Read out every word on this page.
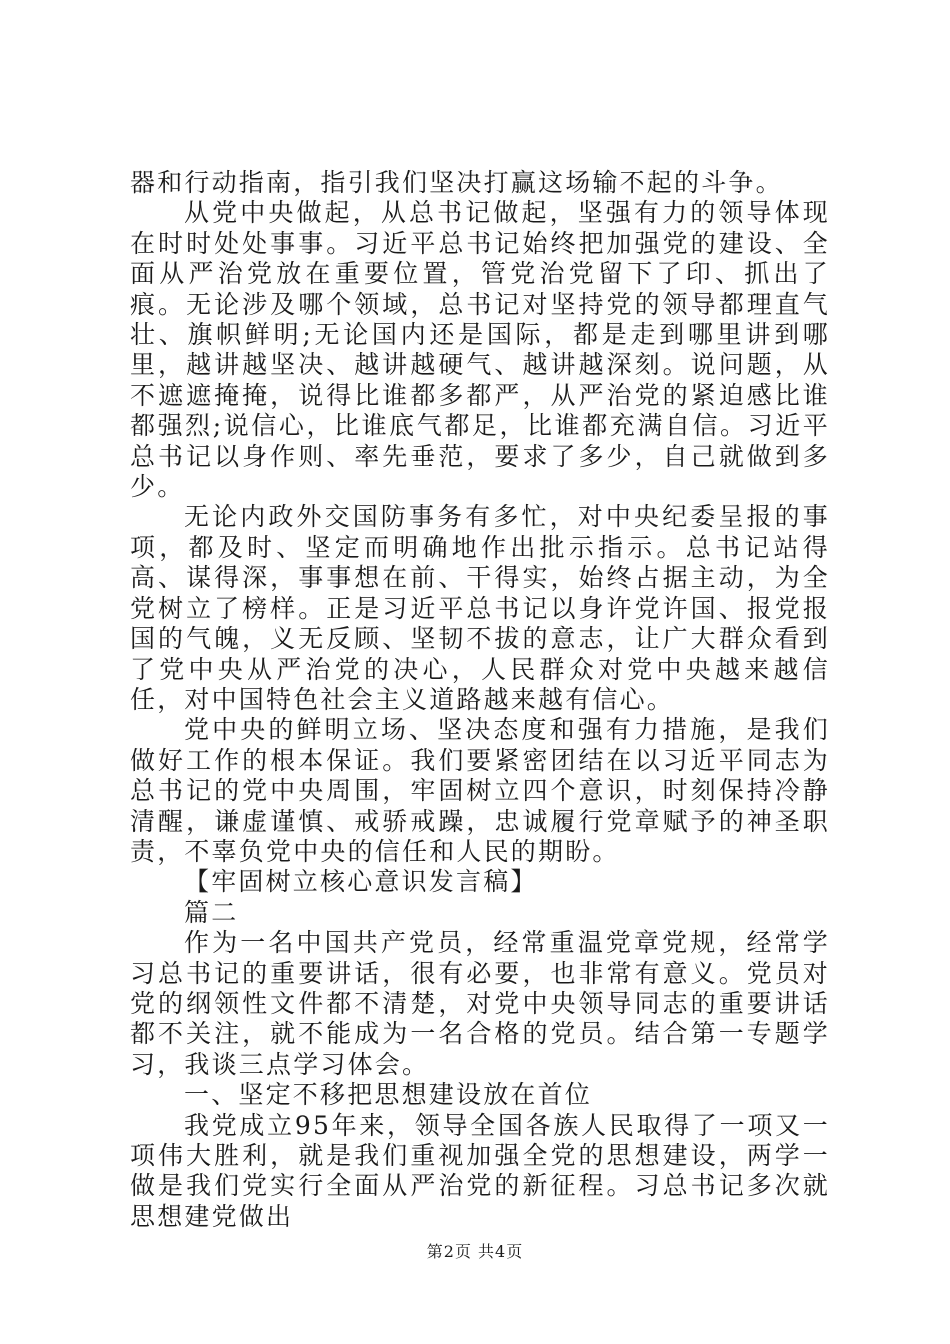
器和行动指南，指引我们坚决打赢这场输不起的斗争。

从党中央做起，从总书记做起，坚强有力的领导体现在时时处处事事。习近平总书记始终把加强党的建设、全面从严治党放在重要位置，管党治党留下了印、抓出了痕。无论涉及哪个领域，总书记对坚持党的领导都理直气壮、旗帜鲜明;无论国内还是国际，都是走到哪里讲到哪里，越讲越坚决、越讲越硬气、越讲越深刻。说问题，从不遮遮掩掩，说得比谁都多都严，从严治党的紧迫感比谁都强烈;说信心，比谁底气都足，比谁都充满自信。习近平总书记以身作则、率先垂范，要求了多少，自己就做到多少。

无论内政外交国防事务有多忙，对中央纪委呈报的事项，都及时、坚定而明确地作出批示指示。总书记站得高、谋得深，事事想在前、干得实，始终占据主动，为全党树立了榜样。正是习近平总书记以身许党许国、报党报国的气魄，义无反顾、坚韧不拔的意志，让广大群众看到了党中央从严治党的决心，人民群众对党中央越来越信任，对中国特色社会主义道路越来越有信心。

党中央的鲜明立场、坚决态度和强有力措施，是我们做好工作的根本保证。我们要紧密团结在以习近平同志为总书记的党中央周围，牢固树立四个意识，时刻保持冷静清醒，谦虚谨慎、戒骄戒躁，忠诚履行党章赋予的神圣职责，不辜负党中央的信任和人民的期盼。

【牢固树立核心意识发言稿】

篇二

作为一名中国共产党员，经常重温党章党规，经常学习总书记的重要讲话，很有必要，也非常有意义。党员对党的纲领性文件都不清楚，对党中央领导同志的重要讲话都不关注，就不能成为一名合格的党员。结合第一专题学习，我谈三点学习体会。

一、坚定不移把思想建设放在首位

我党成立95年来，领导全国各族人民取得了一项又一项伟大胜利，就是我们重视加强全党的思想建设，两学一做是我们党实行全面从严治党的新征程。习总书记多次就思想建党做出

第2页 共4页
